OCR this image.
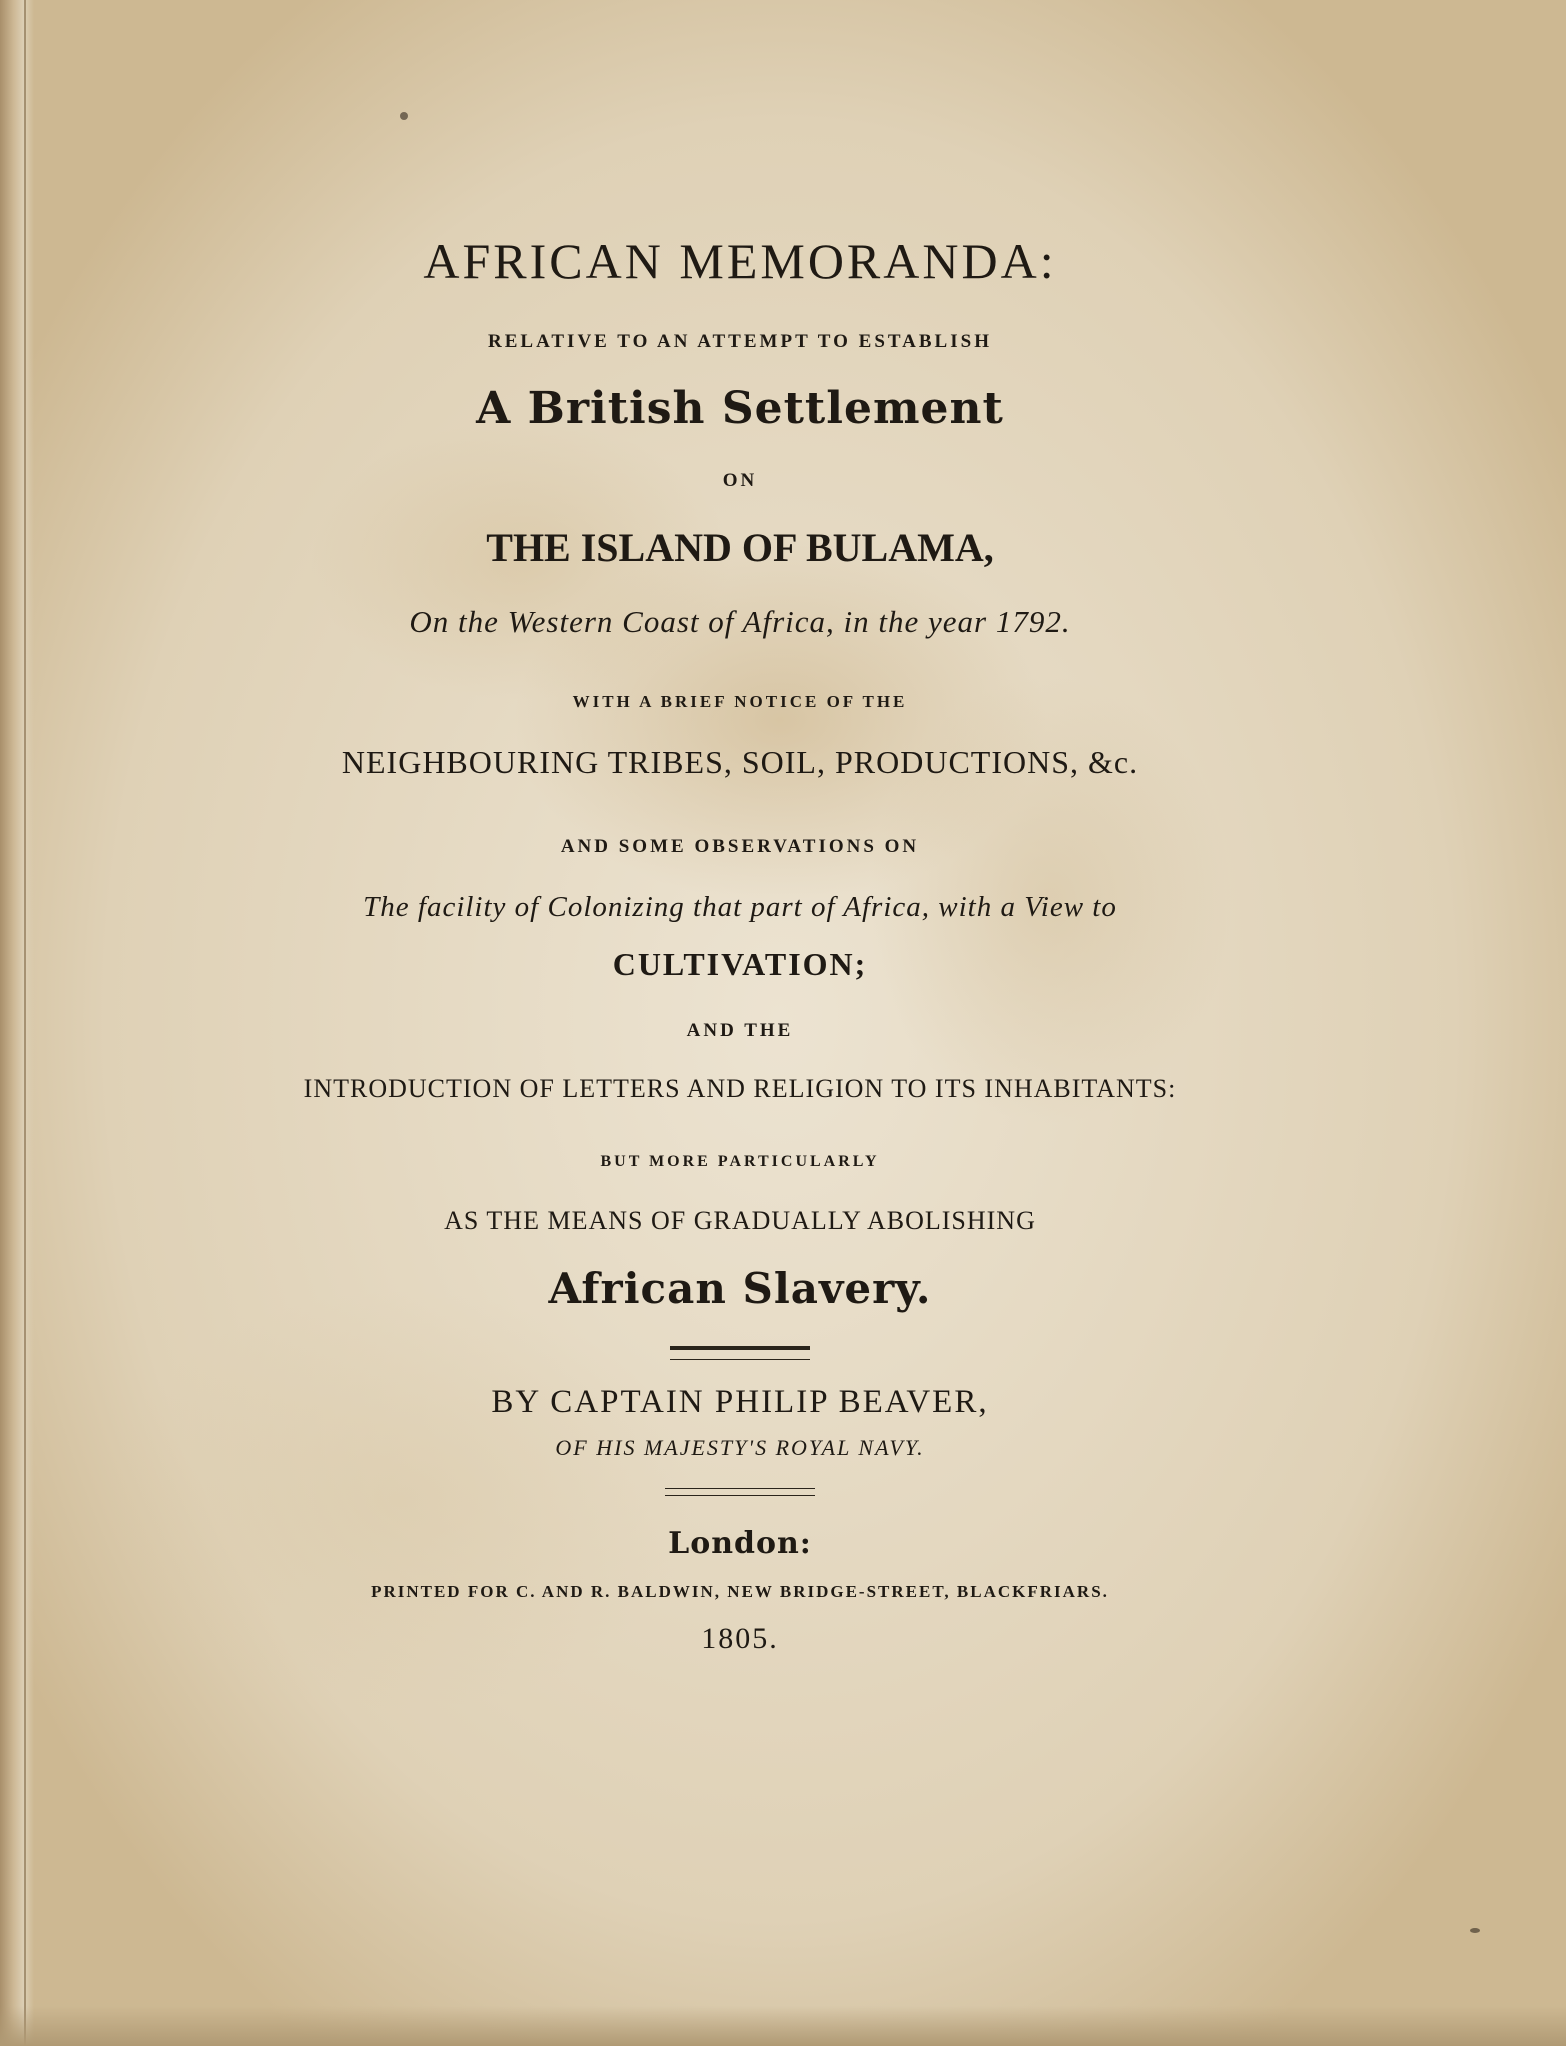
AFRICAN MEMORANDA:
RELATIVE TO AN ATTEMPT TO ESTABLISH
A British Settlement
ON
THE ISLAND OF BULAMA,
On the Western Coast of Africa, in the year 1792.
WITH A BRIEF NOTICE OF THE
NEIGHBOURING TRIBES, SOIL, PRODUCTIONS, &c.
AND SOME OBSERVATIONS ON
The facility of Colonizing that part of Africa, with a View to
CULTIVATION;
AND THE
INTRODUCTION OF LETTERS AND RELIGION TO ITS INHABITANTS:
BUT MORE PARTICULARLY
AS THE MEANS OF GRADUALLY ABOLISHING
African Slavery.
BY CAPTAIN PHILIP BEAVER,
OF HIS MAJESTY'S ROYAL NAVY.
London:
PRINTED FOR C. AND R. BALDWIN, NEW BRIDGE-STREET, BLACKFRIARS.
1805.
